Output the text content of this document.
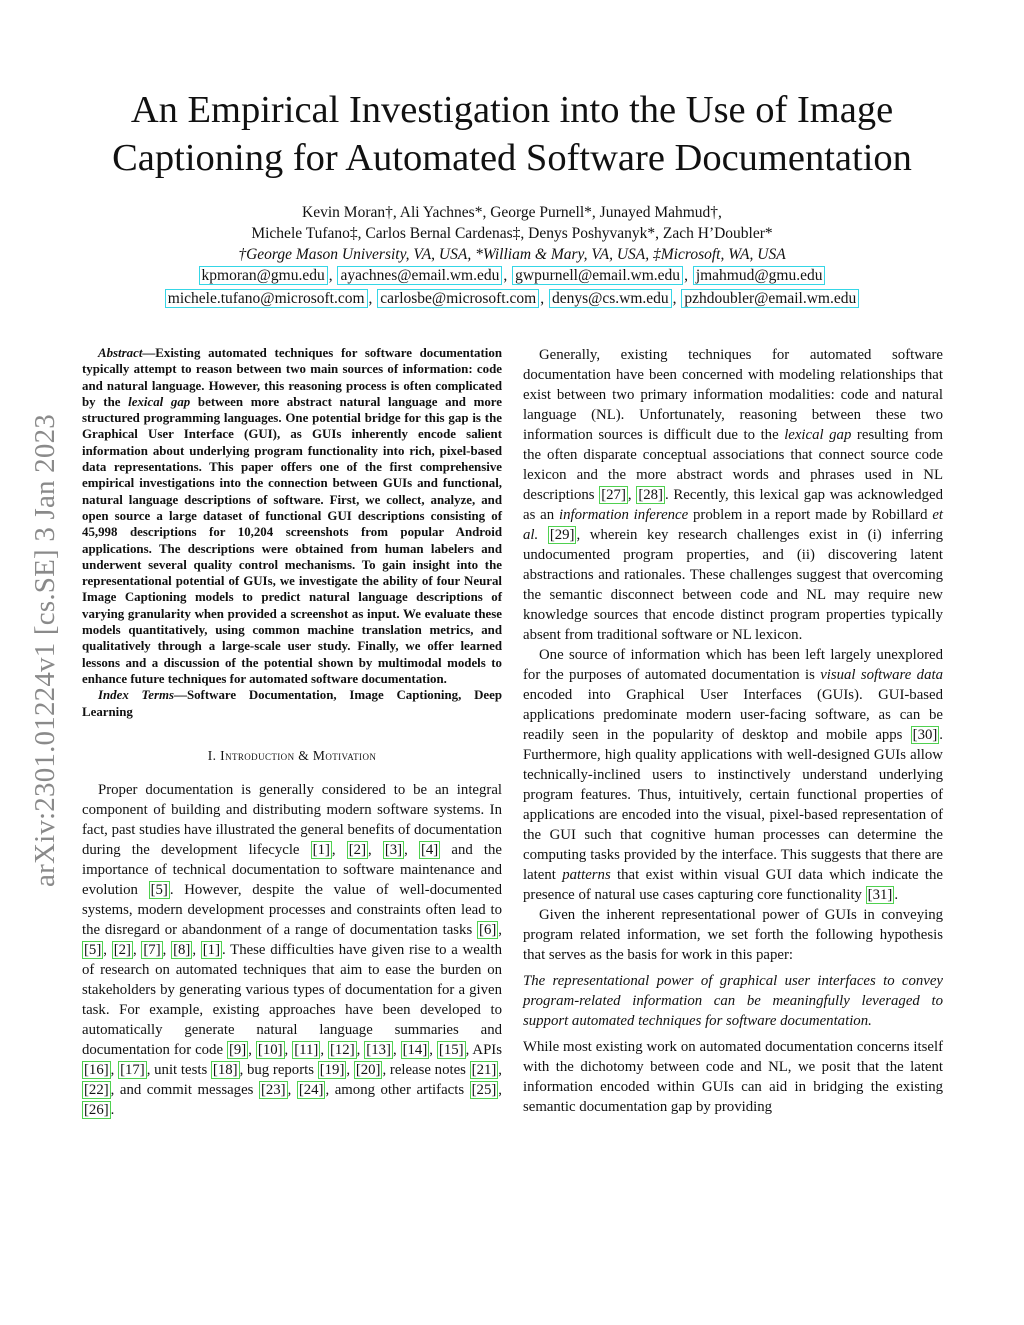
arXiv:2301.01224v1 [cs.SE] 3 Jan 2023
An Empirical Investigation into the Use of Image Captioning for Automated Software Documentation
Kevin Moran†, Ali Yachnes*, George Purnell*, Junayed Mahmud†,
Michele Tufano‡, Carlos Bernal Cardenas‡, Denys Poshyvanyk*, Zach H’Doubler*
†George Mason University, VA, USA, *William & Mary, VA, USA, ‡Microsoft, WA, USA
kpmoran@gmu.edu , ayachnes@email.wm.edu , gwpurnell@email.wm.edu , jmahmud@gmu.edu
michele.tufano@microsoft.com , carlosbe@microsoft.com , denys@cs.wm.edu , pzhdoubler@email.wm.edu

Abstract—Existing automated techniques for software documentation typically attempt to reason between two main sources of information: code and natural language. However, this reasoning process is often complicated by the lexical gap between more abstract natural language and more structured programming languages. One potential bridge for this gap is the Graphical User Interface (GUI), as GUIs inherently encode salient information about underlying program functionality into rich, pixel-based data representations. This paper offers one of the first comprehensive empirical investigations into the connection between GUIs and functional, natural language descriptions of software. First, we collect, analyze, and open source a large dataset of functional GUI descriptions consisting of 45,998 descriptions for 10,204 screenshots from popular Android applications. The descriptions were obtained from human labelers and underwent several quality control mechanisms. To gain insight into the representational potential of GUIs, we investigate the ability of four Neural Image Captioning models to predict natural language descriptions of varying granularity when provided a screenshot as input. We evaluate these models quantitatively, using common machine translation metrics, and qualitatively through a large-scale user study. Finally, we offer learned lessons and a discussion of the potential shown by multimodal models to enhance future techniques for automated software documentation.

Index Terms—Software Documentation, Image Captioning, Deep Learning

I. Introduction & Motivation

Proper documentation is generally considered to be an integral component of building and distributing modern software systems. In fact, past studies have illustrated the general benefits of documentation during the development lifecycle [1] , [2] , [3] , [4] and the importance of technical documentation to software maintenance and evolution [5] . However, despite the value of well-documented systems, modern development processes and constraints often lead to the disregard or abandonment of a range of documentation tasks [6] , [5] , [2] , [7] , [8] , [1] . These difficulties have given rise to a wealth of research on automated techniques that aim to ease the burden on stakeholders by generating various types of documentation for a given task. For example, existing approaches have been developed to automatically generate natural language summaries and documentation for code [9] , [10] , [11] , [12] , [13] , [14] , [15] , APIs [16] , [17] , unit tests [18] , bug reports [19] , [20] , release notes [21] , [22] , and commit messages [23] , [24] , among other artifacts [25] , [26] .

Generally, existing techniques for automated software documentation have been concerned with modeling relationships that exist between two primary information modalities: code and natural language (NL). Unfortunately, reasoning between these two information sources is difficult due to the lexical gap resulting from the often disparate conceptual associations that connect source code lexicon and the more abstract words and phrases used in NL descriptions [27] , [28] . Recently, this lexical gap was acknowledged as an information inference problem in a report made by Robillard et al. [29] , wherein key research challenges exist in (i) inferring undocumented program properties, and (ii) discovering latent abstractions and rationales. These challenges suggest that overcoming the semantic disconnect between code and NL may require new knowledge sources that encode distinct program properties typically absent from traditional software or NL lexicon.

One source of information which has been left largely unexplored for the purposes of automated documentation is visual software data encoded into Graphical User Interfaces (GUIs). GUI-based applications predominate modern user-facing software, as can be readily seen in the popularity of desktop and mobile apps [30] . Furthermore, high quality applications with well-designed GUIs allow technically-inclined users to instinctively understand underlying program features. Thus, intuitively, certain functional properties of applications are encoded into the visual, pixel-based representation of the GUI such that cognitive human processes can determine the computing tasks provided by the interface. This suggests that there are latent patterns that exist within visual GUI data which indicate the presence of natural use cases capturing core functionality [31] .

Given the inherent representational power of GUIs in conveying program related information, we set forth the following hypothesis that serves as the basis for work in this paper:

The representational power of graphical user interfaces to convey program-related information can be meaningfully leveraged to support automated techniques for software documentation.

While most existing work on automated documentation concerns itself with the dichotomy between code and NL, we posit that the latent information encoded within GUIs can aid in bridging the existing semantic documentation gap by providing
